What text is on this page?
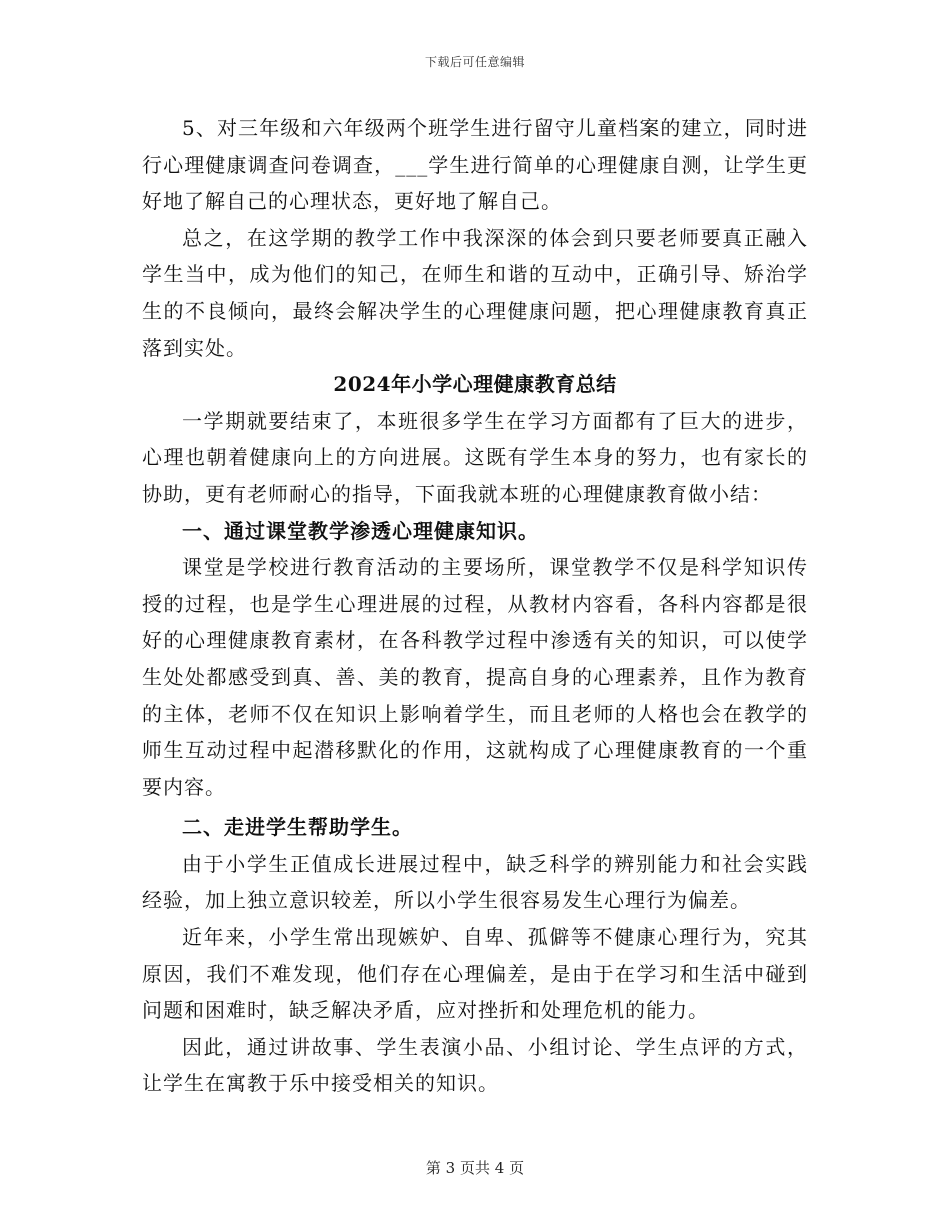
下载后可任意编辑

5、对三年级和六年级两个班学生进行留守儿童档案的建立，同时进行心理健康调查问卷调查，___学生进行简单的心理健康自测，让学生更好地了解自己的心理状态，更好地了解自己。

总之，在这学期的教学工作中我深深的体会到只要老师要真正融入学生当中，成为他们的知己，在师生和谐的互动中，正确引导、矫治学生的不良倾向，最终会解决学生的心理健康问题，把心理健康教育真正落到实处。

2024年小学心理健康教育总结

一学期就要结束了，本班很多学生在学习方面都有了巨大的进步，心理也朝着健康向上的方向进展。这既有学生本身的努力，也有家长的协助，更有老师耐心的指导，下面我就本班的心理健康教育做小结：

一、通过课堂教学渗透心理健康知识。

课堂是学校进行教育活动的主要场所，课堂教学不仅是科学知识传授的过程，也是学生心理进展的过程，从教材内容看，各科内容都是很好的心理健康教育素材，在各科教学过程中渗透有关的知识，可以使学生处处都感受到真、善、美的教育，提高自身的心理素养，且作为教育的主体，老师不仅在知识上影响着学生，而且老师的人格也会在教学的师生互动过程中起潜移默化的作用，这就构成了心理健康教育的一个重要内容。

二、走进学生帮助学生。

由于小学生正值成长进展过程中，缺乏科学的辨别能力和社会实践经验，加上独立意识较差，所以小学生很容易发生心理行为偏差。

近年来，小学生常出现嫉妒、自卑、孤僻等不健康心理行为，究其原因，我们不难发现，他们存在心理偏差，是由于在学习和生活中碰到问题和困难时，缺乏解决矛盾，应对挫折和处理危机的能力。

因此，通过讲故事、学生表演小品、小组讨论、学生点评的方式，让学生在寓教于乐中接受相关的知识。

第 3 页共 4 页
